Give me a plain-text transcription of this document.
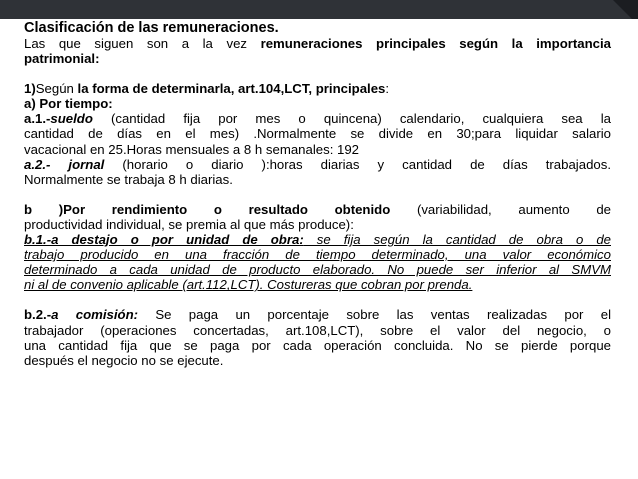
Clasificación de las remuneraciones.

Las que siguen son a la vez remuneraciones principales según la importancia

patrimonial:

1)Según la forma de determinarla, art.104,LCT, principales:

a) Por tiempo:

a.1.-sueldo (cantidad fija por mes o quincena) calendario, cualquiera sea la

cantidad de días en el mes) .Normalmente se divide en 30;para liquidar salario

vacacional en 25.Horas mensuales a 8 h semanales: 192

a.2.- jornal (horario o diario ):horas diarias y cantidad de días trabajados.

Normalmente se trabaja 8 h diarias.

b )Por rendimiento o resultado obtenido (variabilidad, aumento de

productividad individual, se premia al que más produce):

b.1.-a destajo o por unidad de obra: se fija según la cantidad de obra o de

trabajo producido en una fracción de tiempo determinado, una valor económico

determinado a cada unidad de producto elaborado. No puede ser inferior al SMVM

ni al de convenio aplicable (art.112,LCT). Costureras que cobran por prenda.

b.2.-a comisión: Se paga un porcentaje sobre las ventas realizadas por el

trabajador (operaciones concertadas, art.108,LCT), sobre el valor del negocio, o

una cantidad fija que se paga por cada operación concluida. No se pierde porque

después el negocio no se ejecute.
